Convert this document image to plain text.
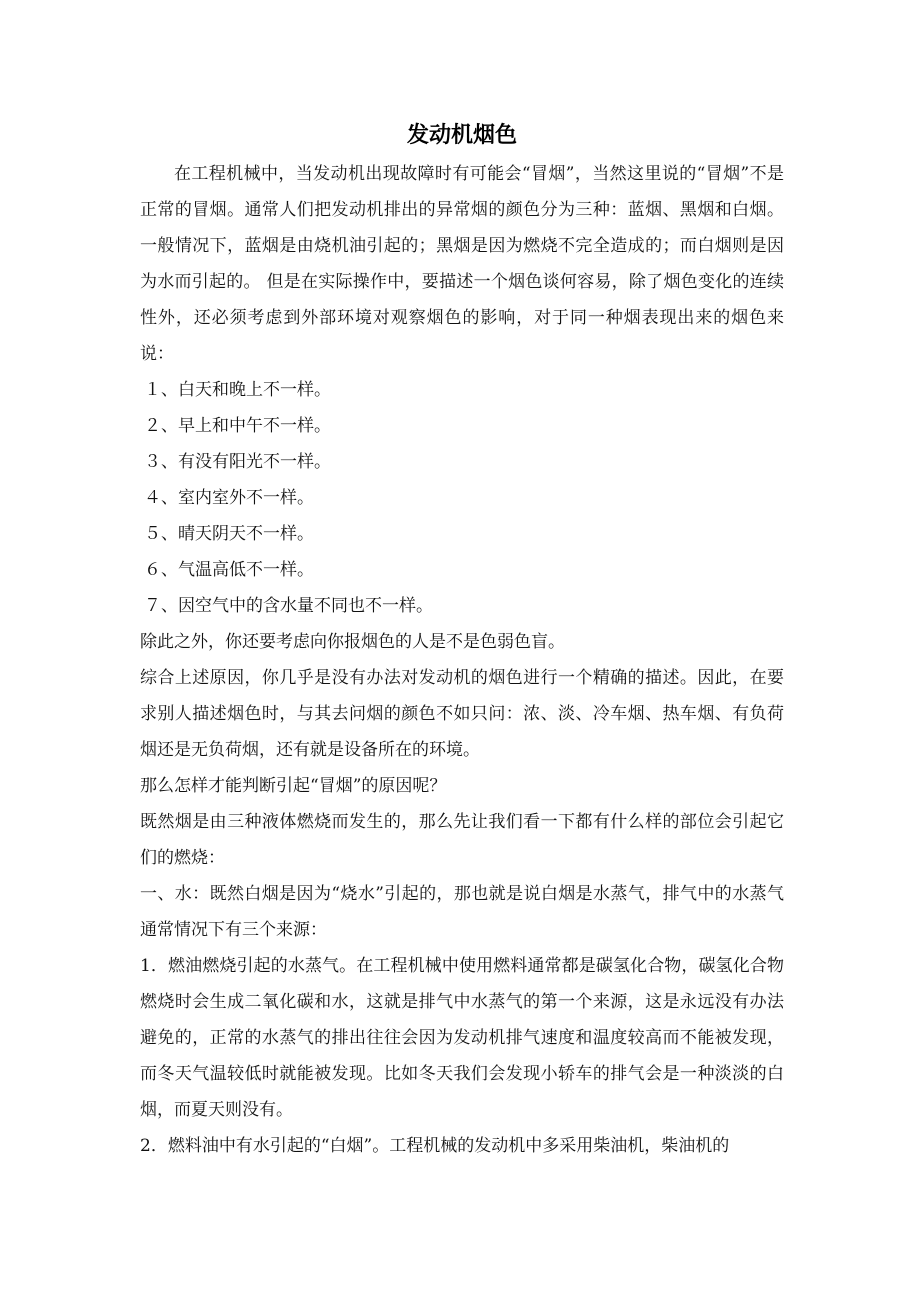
发动机烟色

在工程机械中，当发动机出现故障时有可能会“冒烟”，当然这里说的“冒烟”不是正常的冒烟。通常人们把发动机排出的异常烟的颜色分为三种：蓝烟、黑烟和白烟。一般情况下，蓝烟是由烧机油引起的；黑烟是因为燃烧不完全造成的；而白烟则是因为水而引起的。 但是在实际操作中，要描述一个烟色谈何容易，除了烟色变化的连续性外，还必须考虑到外部环境对观察烟色的影响，对于同一种烟表现出来的烟色来说：

１、白天和晚上不一样。

２、早上和中午不一样。

３、有没有阳光不一样。

４、室内室外不一样。

５、晴天阴天不一样。

６、气温高低不一样。

７、因空气中的含水量不同也不一样。

除此之外，你还要考虑向你报烟色的人是不是色弱色盲。

综合上述原因，你几乎是没有办法对发动机的烟色进行一个精确的描述。因此，在要求别人描述烟色时，与其去问烟的颜色不如只问：浓、淡、冷车烟、热车烟、有负荷烟还是无负荷烟，还有就是设备所在的环境。

那么怎样才能判断引起“冒烟”的原因呢？

既然烟是由三种液体燃烧而发生的，那么先让我们看一下都有什么样的部位会引起它们的燃烧：

一、水：既然白烟是因为“烧水”引起的，那也就是说白烟是水蒸气，排气中的水蒸气通常情况下有三个来源：

1．燃油燃烧引起的水蒸气。在工程机械中使用燃料通常都是碳氢化合物，碳氢化合物燃烧时会生成二氧化碳和水，这就是排气中水蒸气的第一个来源，这是永远没有办法避免的，正常的水蒸气的排出往往会因为发动机排气速度和温度较高而不能被发现，而冬天气温较低时就能被发现。比如冬天我们会发现小轿车的排气会是一种淡淡的白烟，而夏天则没有。

2．燃料油中有水引起的“白烟”。工程机械的发动机中多采用柴油机，柴油机的
